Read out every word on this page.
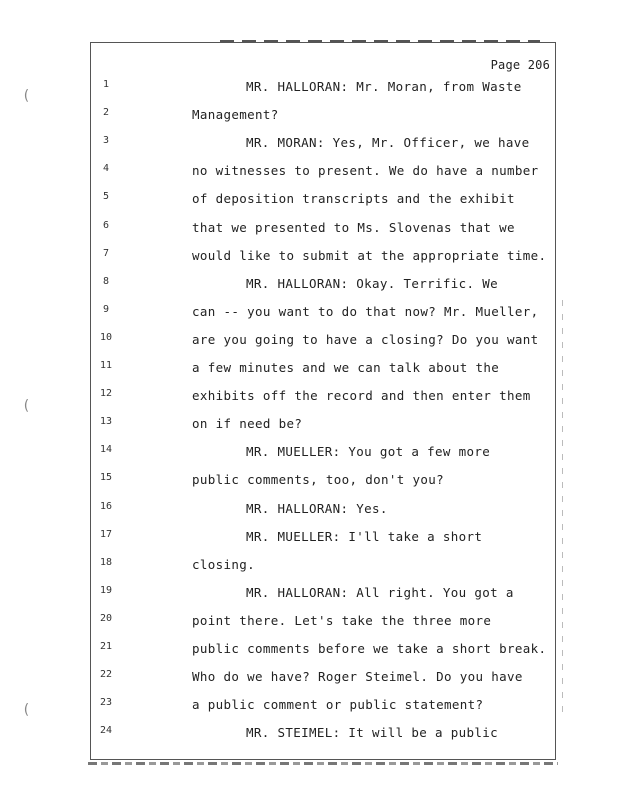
(
(
(
Page 206
1	MR. HALLORAN: Mr. Moran, from Waste
2	Management?
3	MR. MORAN: Yes, Mr. Officer, we have
4	no witnesses to present. We do have a number
5	of deposition transcripts and the exhibit
6	that we presented to Ms. Slovenas that we
7	would like to submit at the appropriate time.
8	MR. HALLORAN: Okay. Terrific. We
9	can -- you want to do that now? Mr. Mueller,
10	are you going to have a closing? Do you want
11	a few minutes and we can talk about the
12	exhibits off the record and then enter them
13	on if need be?
14	MR. MUELLER: You got a few more
15	public comments, too, don't you?
16	MR. HALLORAN: Yes.
17	MR. MUELLER: I'll take a short
18	closing.
19	MR. HALLORAN: All right. You got a
20	point there. Let's take the three more
21	public comments before we take a short break.
22	Who do we have? Roger Steimel. Do you have
23	a public comment or public statement?
24	MR. STEIMEL: It will be a public
